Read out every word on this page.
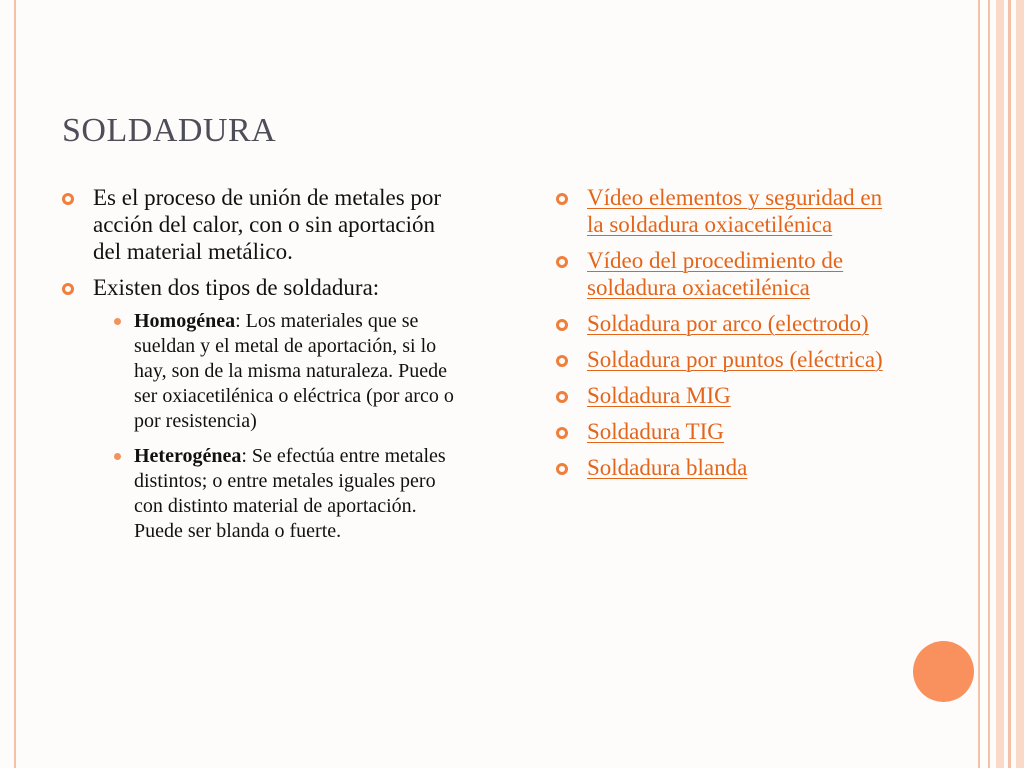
SOLDADURA
Es el proceso de unión de metales por acción del calor, con o sin aportación del material metálico.
Existen dos tipos de soldadura:
Homogénea: Los materiales que se sueldan y el metal de aportación, si lo hay, son de la misma naturaleza. Puede ser oxiacetilénica o eléctrica (por arco o por resistencia)
Heterogénea: Se efectúa entre metales distintos; o entre metales iguales pero con distinto material de aportación. Puede ser blanda o fuerte.
Vídeo elementos y seguridad en la soldadura oxiacetilénica
Vídeo del procedimiento de soldadura oxiacetilénica
Soldadura por arco (electrodo)
Soldadura por puntos (eléctrica)
Soldadura MIG
Soldadura TIG
Soldadura blanda
